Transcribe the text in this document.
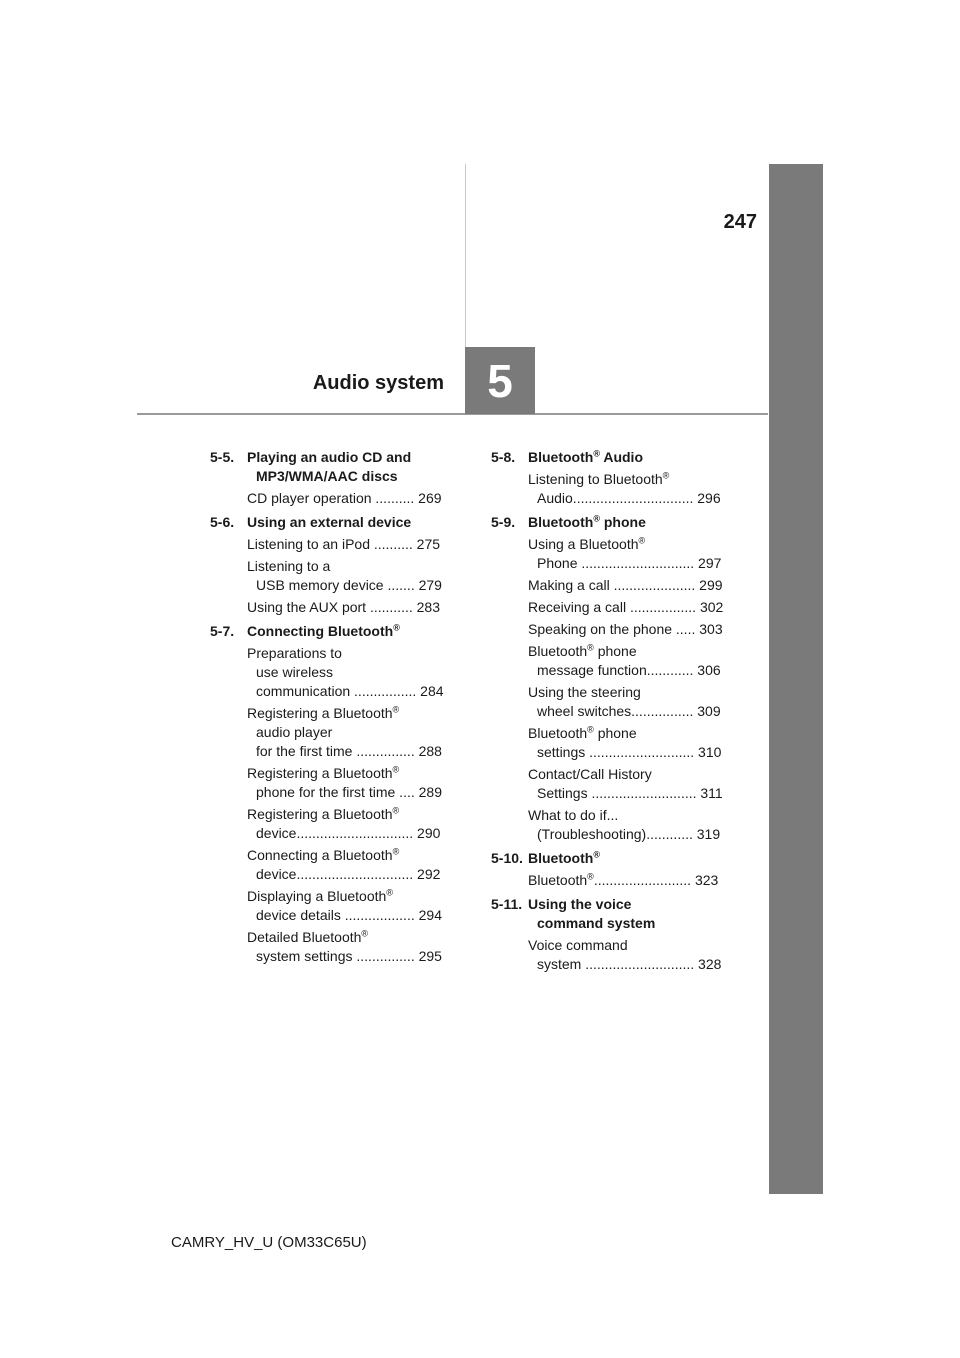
247
5
Audio system
5-5. Playing an audio CD and
MP3/WMA/AAC discs
CD player operation .......... 269
5-6. Using an external device
Listening to an iPod .......... 275
Listening to a
USB memory device ....... 279
Using the AUX port ........... 283
5-7. Connecting Bluetooth®
Preparations to
use wireless
communication ................ 284
Registering a Bluetooth®
audio player
for the first time ............... 288
Registering a Bluetooth®
phone for the first time .... 289
Registering a Bluetooth®
device.............................. 290
Connecting a Bluetooth®
device.............................. 292
Displaying a Bluetooth®
device details .................. 294
Detailed Bluetooth®
system settings ............... 295
5-8. Bluetooth® Audio
Listening to Bluetooth®
Audio............................... 296
5-9. Bluetooth® phone
Using a Bluetooth®
Phone ............................. 297
Making a call ..................... 299
Receiving a call ................. 302
Speaking on the phone ..... 303
Bluetooth® phone
message function............ 306
Using the steering
wheel switches................ 309
Bluetooth® phone
settings ........................... 310
Contact/Call History
Settings ........................... 311
What to do if...
(Troubleshooting)............ 319
5-10. Bluetooth®
Bluetooth®......................... 323
5-11. Using the voice
command system
Voice command
system ............................ 328
CAMRY_HV_U (OM33C65U)
